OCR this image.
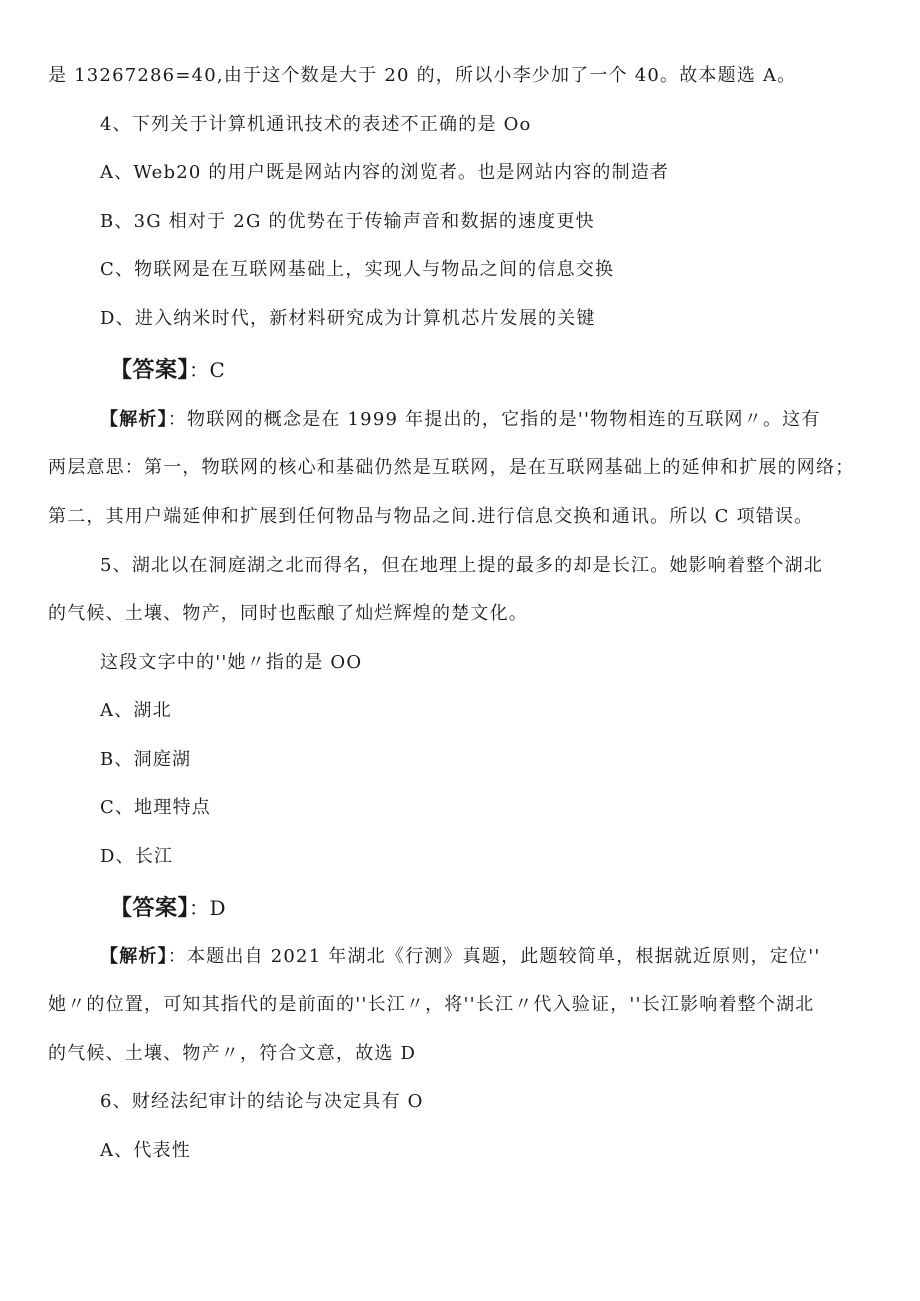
是 13267286=40,由于这个数是大于 20 的，所以小李少加了一个 40。故本题选 A。
4、下列关于计算机通讯技术的表述不正确的是 Oo
A、Web20 的用户既是网站内容的浏览者。也是网站内容的制造者
B、3G 相对于 2G 的优势在于传输声音和数据的速度更快
C、物联网是在互联网基础上，实现人与物品之间的信息交换
D、进入纳米时代，新材料研究成为计算机芯片发展的关键
【答案】：C
【解析】：物联网的概念是在 1999 年提出的，它指的是''物物相连的互联网〃。这有
两层意思：第一，物联网的核心和基础仍然是互联网，是在互联网基础上的延伸和扩展的网络；
第二，其用户端延伸和扩展到任何物品与物品之间.进行信息交换和通讯。所以 C 项错误。
5、湖北以在洞庭湖之北而得名，但在地理上提的最多的却是长江。她影响着整个湖北
的气候、土壤、物产，同时也酝酿了灿烂辉煌的楚文化。
这段文字中的''她〃指的是 OO
A、湖北
B、洞庭湖
C、地理特点
D、长江
【答案】：D
【解析】：本题出自 2021 年湖北《行测》真题，此题较简单，根据就近原则，定位''
她〃的位置，可知其指代的是前面的''长江〃，将''长江〃代入验证，''长江影响着整个湖北
的气候、土壤、物产〃，符合文意，故选 D
6、财经法纪审计的结论与决定具有 O
A、代表性
